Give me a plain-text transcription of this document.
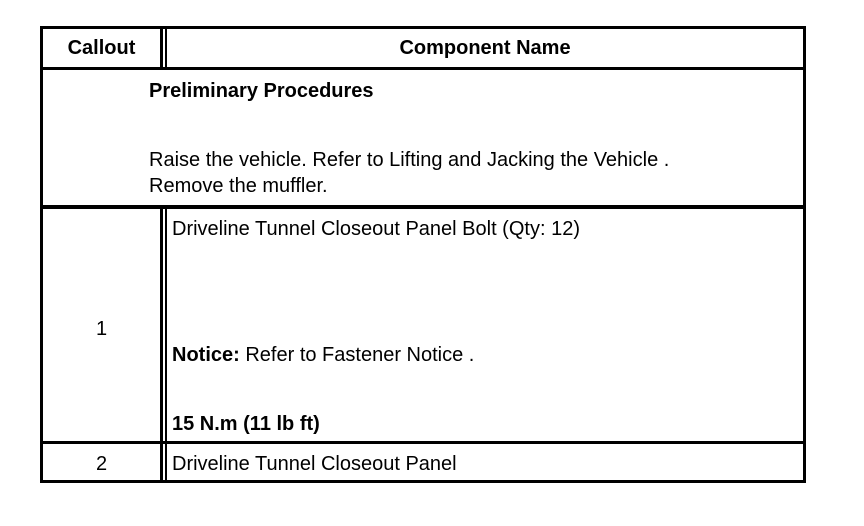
Callout	Component Name
Preliminary Procedures
Raise the vehicle. Refer to Lifting and Jacking the Vehicle .
Remove the muffler.
1
Driveline Tunnel Closeout Panel Bolt (Qty: 12)
Notice: Refer to Fastener Notice .
15 N.m (11 lb ft)
2	Driveline Tunnel Closeout Panel
